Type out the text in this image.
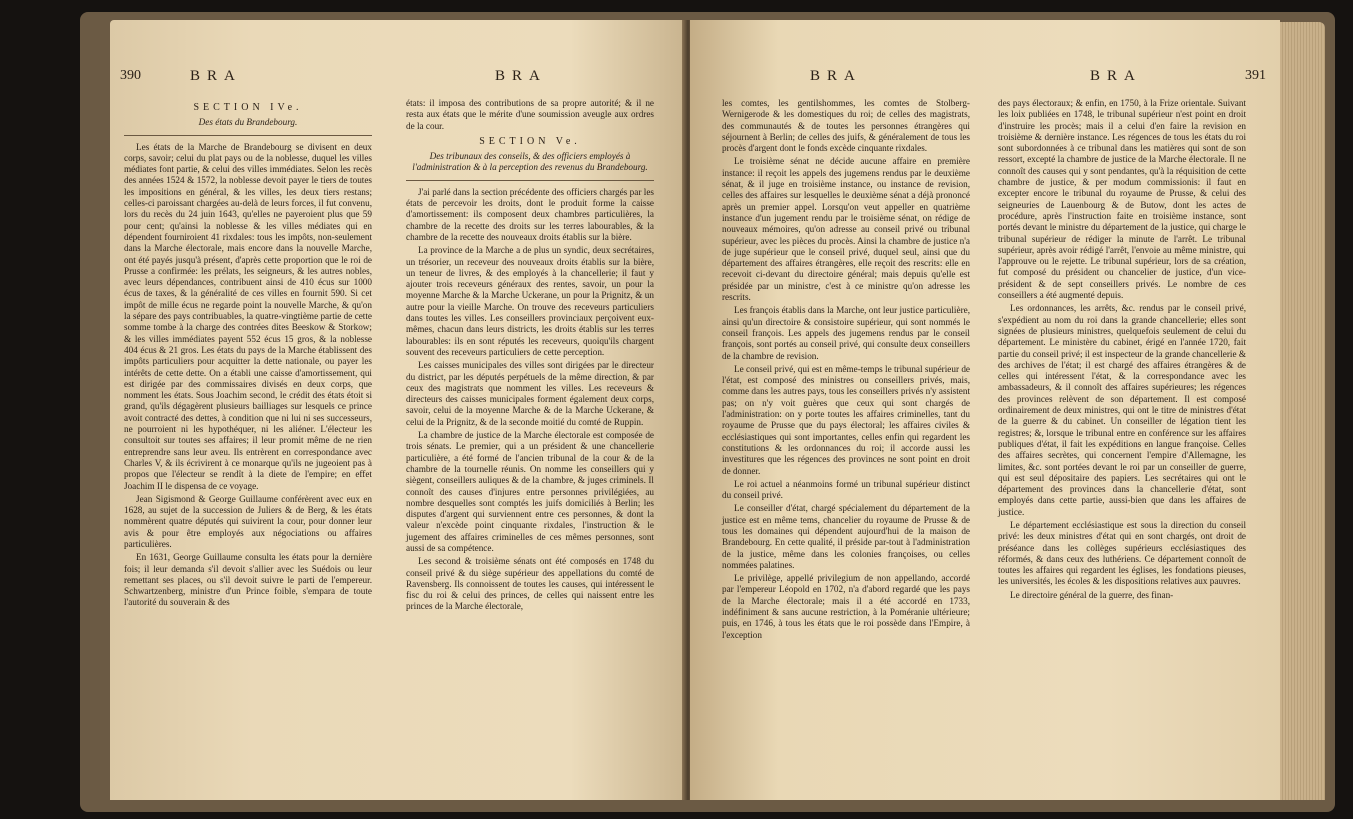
390	BRA	BRA
SECTION IVe.
Des états du Brandebourg.

Les états de la Marche de Brandebourg se divisent en deux corps, savoir; celui du plat pays ou de la noblesse, duquel les villes médiates font partie, & celui des villes immédiates. Selon les recès des années 1524 & 1572, la noblesse devoit payer le tiers de toutes les impositions en général, & les villes, les deux tiers restans; celles-ci paroissant chargées au-delà de leurs forces, il fut convenu, lors du recès du 24 juin 1643, qu'elles ne payeroient plus que 59 pour cent; qu'ainsi la noblesse & les villes médiates qui en dépendent fourniroient 41 rixdales: tous les impôts, non-seulement dans la Marche électorale, mais encore dans la nouvelle Marche, ont été payés jusqu'à présent, d'après cette proportion que le roi de Prusse a confirmée: les prélats, les seigneurs, & les autres nobles, avec leurs dépendances, contribuent ainsi de 410 écus sur 1000 écus de taxes, & la généralité de ces villes en fournit 590. Si cet impôt de mille écus ne regarde point la nouvelle Marche, & qu'on la sépare des pays contribuables, la quatre-vingtième partie de cette somme tombe à la charge des contrées dites Beeskow & Storkow; & les villes immédiates payent 552 écus 15 gros, & la noblesse 404 écus & 21 gros. Les états du pays de la Marche établissent des impôts particuliers pour acquitter la dette nationale, ou payer les intérêts de cette dette. On a établi une caisse d'amortissement, qui est dirigée par des commissaires divisés en deux corps, que nomment les états. Sous Joachim second, le crédit des états étoit si grand, qu'ils dégagèrent plusieurs bailliages sur lesquels ce prince avoit contracté des dettes, à condition que ni lui ni ses successeurs, ne pourroient ni les hypothéquer, ni les aliéner. L'électeur les consultoit sur toutes ses affaires; il leur promit même de ne rien entreprendre sans leur aveu. Ils entrèrent en correspondance avec Charles V, & ils écrivirent à ce monarque qu'ils ne jugeoient pas à propos que l'électeur se rendît à la diete de l'empire; en effet Joachim II le dispensa de ce voyage.

Jean Sigismond & George Guillaume conférèrent avec eux en 1628, au sujet de la succession de Juliers & de Berg, & les états nommèrent quatre députés qui suivirent la cour, pour donner leur avis & pour être employés aux négociations ou affaires particulières.

En 1631, George Guillaume consulta les états pour la dernière fois; il leur demanda s'il devoit s'allier avec les Suédois ou leur remettant ses places, ou s'il devoit suivre le parti de l'empereur. Schwartzenberg, ministre d'un Prince foible, s'empara de toute l'autorité du souverain & des

états: il imposa des contributions de sa propre autorité; & il ne resta aux états que le mérite d'une soumission aveugle aux ordres de la cour.

SECTION Ve.
Des tribunaux des conseils, & des officiers employés à l'administration & à la perception des revenus du Brandebourg.

J'ai parlé dans la section précédente des officiers chargés par les états de percevoir les droits, dont le produit forme la caisse d'amortissement: ils composent deux chambres particulières, la chambre de la recette des droits sur les terres labourables, & la chambre de la recette des nouveaux droits établis sur la bière.

La province de la Marche a de plus un syndic, deux secrétaires, un trésorier, un receveur des nouveaux droits établis sur la bière, un teneur de livres, & des employés à la chancellerie; il faut y ajouter trois receveurs généraux des rentes, savoir, un pour la moyenne Marche & la Marche Uckerane, un pour la Prignitz, & un autre pour la vieille Marche. On trouve des receveurs particuliers dans toutes les villes. Les conseillers provinciaux perçoivent eux-mêmes, chacun dans leurs districts, les droits établis sur les terres labourables: ils en sont réputés les receveurs, quoiqu'ils chargent souvent des receveurs particuliers de cette perception.

Les caisses municipales des villes sont dirigées par le directeur du district, par les députés perpétuels de la même direction, & par ceux des magistrats que nomment les villes. Les receveurs & directeurs des caisses municipales forment également deux corps, savoir, celui de la moyenne Marche & de la Marche Uckerane, & celui de la Prignitz, & de la seconde moitié du comté de Ruppin.

La chambre de justice de la Marche électorale est composée de trois sénats. Le premier, qui a un président & une chancellerie particulière, a été formé de l'ancien tribunal de la cour & de la chambre de la tournelle réunis. On nomme les conseillers qui y siègent, conseillers auliques & de la chambre, & juges criminels. Il connoît des causes d'injures entre personnes privilégiées, au nombre desquelles sont comptés les juifs domiciliés à Berlin; les disputes d'argent qui surviennent entre ces personnes, & dont la valeur n'excède point cinquante rixdales, l'instruction & le jugement des affaires criminelles de ces mêmes personnes, sont aussi de sa compétence.

Les second & troisième sénats ont été composés en 1748 du conseil privé & du siège supérieur des appellations du comté de Ravensberg. Ils connoissent de toutes les causes, qui intéressent le fisc du roi & celui des princes, de celles qui naissent entre les princes de la Marche électorale,

BRA	BRA	391

les comtes, les gentilshommes, les comtes de Stolberg-Wernigerode & les domestiques du roi; de celles des magistrats, des communautés & de toutes les personnes étrangères qui séjournent à Berlin; de celles des juifs, & généralement de tous les procès d'argent dont le fonds excède cinquante rixdales.

Le troisième sénat ne décide aucune affaire en première instance: il reçoit les appels des jugemens rendus par le deuxième sénat, & il juge en troisième instance, ou instance de revision, celles des affaires sur lesquelles le deuxième sénat a déjà prononcé après un premier appel. Lorsqu'on veut appeller en quatrième instance d'un jugement rendu par le troisième sénat, on rédige de nouveaux mémoires, qu'on adresse au conseil privé ou tribunal supérieur, avec les pièces du procès. Ainsi la chambre de justice n'a de juge supérieur que le conseil privé, duquel seul, ainsi que du département des affaires étrangères, elle reçoit des rescrits: elle en recevoit ci-devant du directoire général; mais depuis qu'elle est présidée par un ministre, c'est à ce ministre qu'on adresse les rescrits.

Les françois établis dans la Marche, ont leur justice particulière, ainsi qu'un directoire & consistoire supérieur, qui sont nommés le conseil françois. Les appels des jugemens rendus par le conseil françois, sont portés au conseil privé, qui consulte deux conseillers de la chambre de revision.

Le conseil privé, qui est en même-temps le tribunal supérieur de l'état, est composé des ministres ou conseillers privés, mais, comme dans les autres pays, tous les conseillers privés n'y assistent pas; on n'y voit guères que ceux qui sont chargés de l'administration: on y porte toutes les affaires criminelles, tant du royaume de Prusse que du pays électoral; les affaires civiles & ecclésiastiques qui sont importantes, celles enfin qui regardent les constitutions & les ordonnances du roi; il accorde aussi les investitures que les régences des provinces ne sont point en droit de donner.

Le roi actuel a néanmoins formé un tribunal supérieur distinct du conseil privé.

Le conseiller d'état, chargé spécialement du département de la justice est en même tems, chancelier du royaume de Prusse & de tous les domaines qui dépendent aujourd'hui de la maison de Brandebourg. En cette qualité, il préside par-tout à l'administration de la justice, même dans les colonies françoises, ou celles nommées palatines.

Le privilège, appellé privilegium de non appellando, accordé par l'empereur Léopold en 1702, n'a d'abord regardé que les pays de la Marche électorale; mais il a été accordé en 1733, indéfiniment & sans aucune restriction, à la Poméranie ultérieure; puis, en 1746, à tous les états que le roi possède dans l'Empire, à l'exception

des pays électoraux; & enfin, en 1750, à la Frize orientale. Suivant les loix publiées en 1748, le tribunal supérieur n'est point en droit d'instruire les procès; mais il a celui d'en faire la revision en troisième & dernière instance. Les régences de tous les états du roi sont subordonnées à ce tribunal dans les matières qui sont de son ressort, excepté la chambre de justice de la Marche électorale. Il ne connoît des causes qui y sont pendantes, qu'à la réquisition de cette chambre de justice, & per modum commissionis: il faut en excepter encore le tribunal du royaume de Prusse, & celui des seigneuries de Lauenbourg & de Butow, dont les actes de procédure, après l'instruction faite en troisième instance, sont portés devant le ministre du département de la justice, qui charge le tribunal supérieur de rédiger la minute de l'arrêt. Le tribunal supérieur, après avoir rédigé l'arrêt, l'envoie au même ministre, qui l'approuve ou le rejette. Le tribunal supérieur, lors de sa création, fut composé du président ou chancelier de justice, d'un vice-président & de sept conseillers privés. Le nombre de ces conseillers a été augmenté depuis.

Les ordonnances, les arrêts, &c. rendus par le conseil privé, s'expédient au nom du roi dans la grande chancellerie; elles sont signées de plusieurs ministres, quelquefois seulement de celui du département. Le ministère du cabinet, érigé en l'année 1720, fait partie du conseil privé; il est inspecteur de la grande chancellerie & des archives de l'état; il est chargé des affaires étrangères & de celles qui intéressent l'état, & la correspondance avec les ambassadeurs, & il connoît des affaires supérieures; les régences des provinces relèvent de son département. Il est composé ordinairement de deux ministres, qui ont le titre de ministres d'état de la guerre & du cabinet. Un conseiller de légation tient les registres; &, lorsque le tribunal entre en conférence sur les affaires publiques d'état, il fait les expéditions en langue françoise. Celles des affaires secrètes, qui concernent l'empire d'Allemagne, les limites, &c. sont portées devant le roi par un conseiller de guerre, qui est seul dépositaire des papiers. Les secrétaires qui ont le département des provinces dans la chancellerie d'état, sont employés dans cette partie, aussi-bien que dans les affaires de justice.

Le département ecclésiastique est sous la direction du conseil privé: les deux ministres d'état qui en sont chargés, ont droit de préséance dans les collèges supérieurs ecclésiastiques des réformés, & dans ceux des luthériens. Ce département connoît de toutes les affaires qui regardent les églises, les fondations pieuses, les universités, les écoles & les dispositions relatives aux pauvres.

Le directoire général de la guerre, des finan-
